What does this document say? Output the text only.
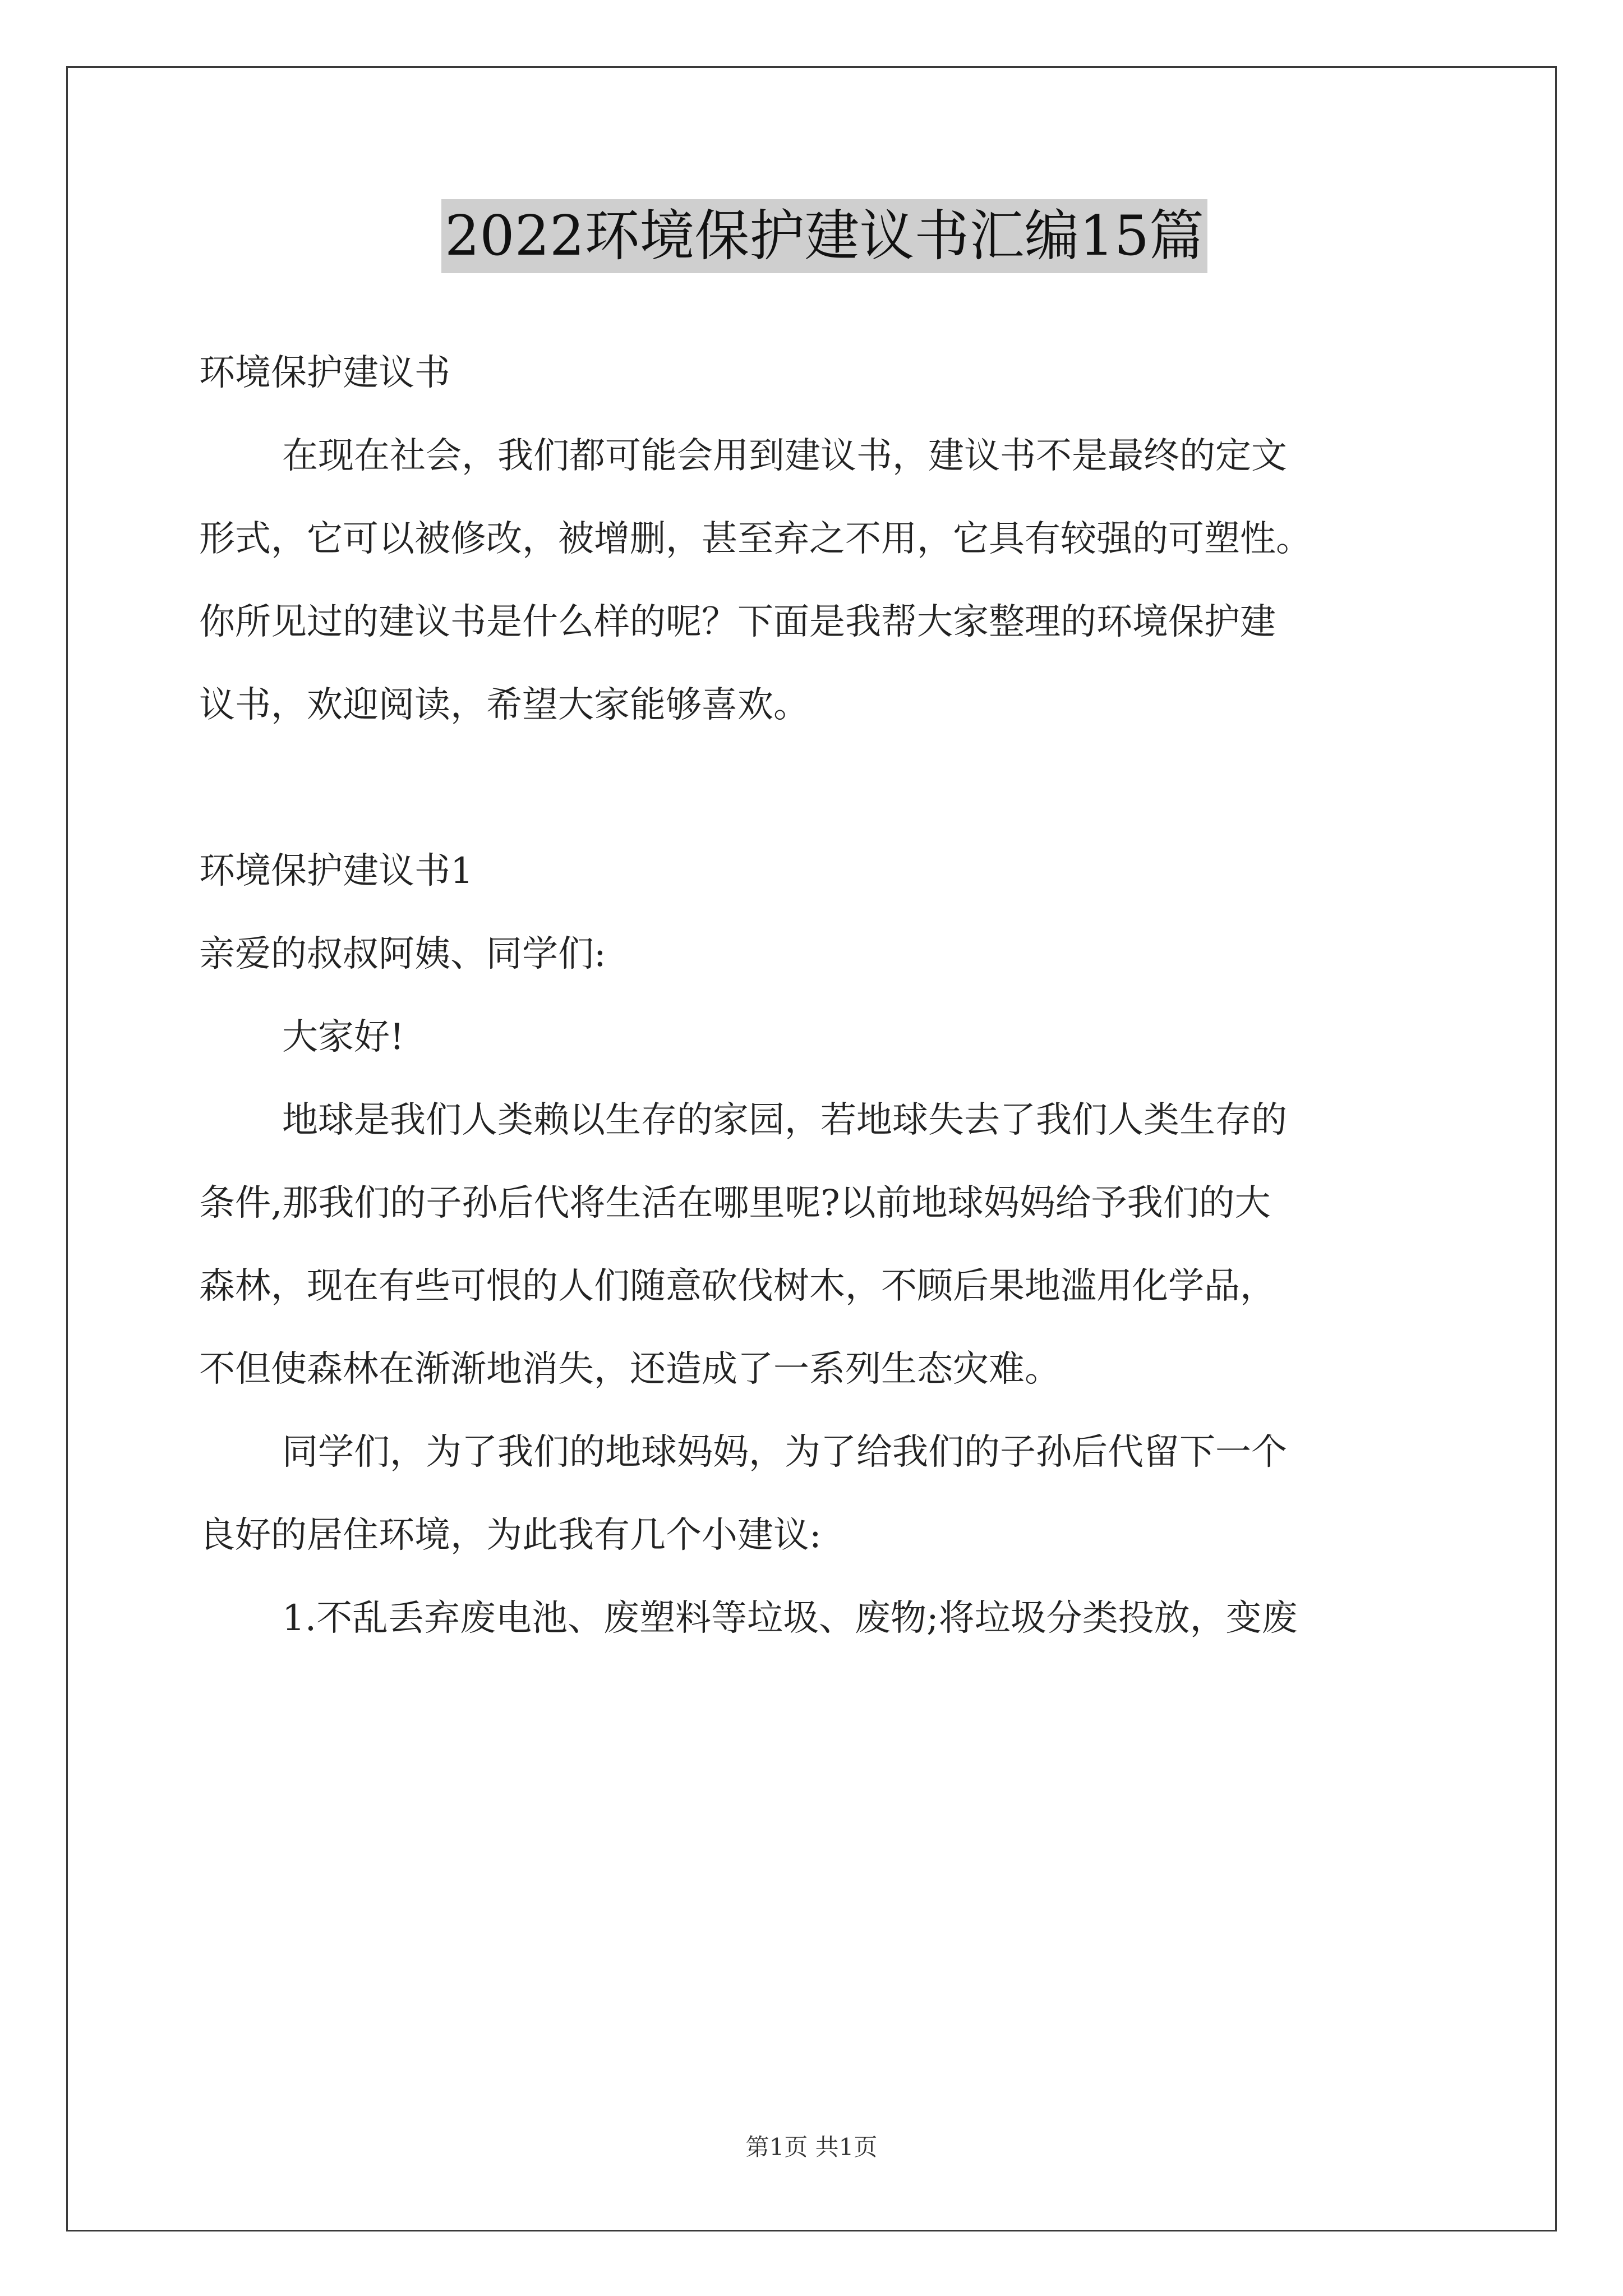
2022环境保护建议书汇编15篇
环境保护建议书
在现在社会，我们都可能会用到建议书，建议书不是最终的定文
形式，它可以被修改，被增删，甚至弃之不用，它具有较强的可塑性。
你所见过的建议书是什么样的呢？下面是我帮大家整理的环境保护建
议书，欢迎阅读，希望大家能够喜欢。
环境保护建议书1
亲爱的叔叔阿姨、同学们:
大家好!
地球是我们人类赖以生存的家园，若地球失去了我们人类生存的
条件,那我们的子孙后代将生活在哪里呢?以前地球妈妈给予我们的大
森林，现在有些可恨的人们随意砍伐树木，不顾后果地滥用化学品，
不但使森林在渐渐地消失，还造成了一系列生态灾难。
同学们，为了我们的地球妈妈，为了给我们的子孙后代留下一个
良好的居住环境，为此我有几个小建议:
1.不乱丢弃废电池、废塑料等垃圾、废物;将垃圾分类投放，变废
第1页 共1页
